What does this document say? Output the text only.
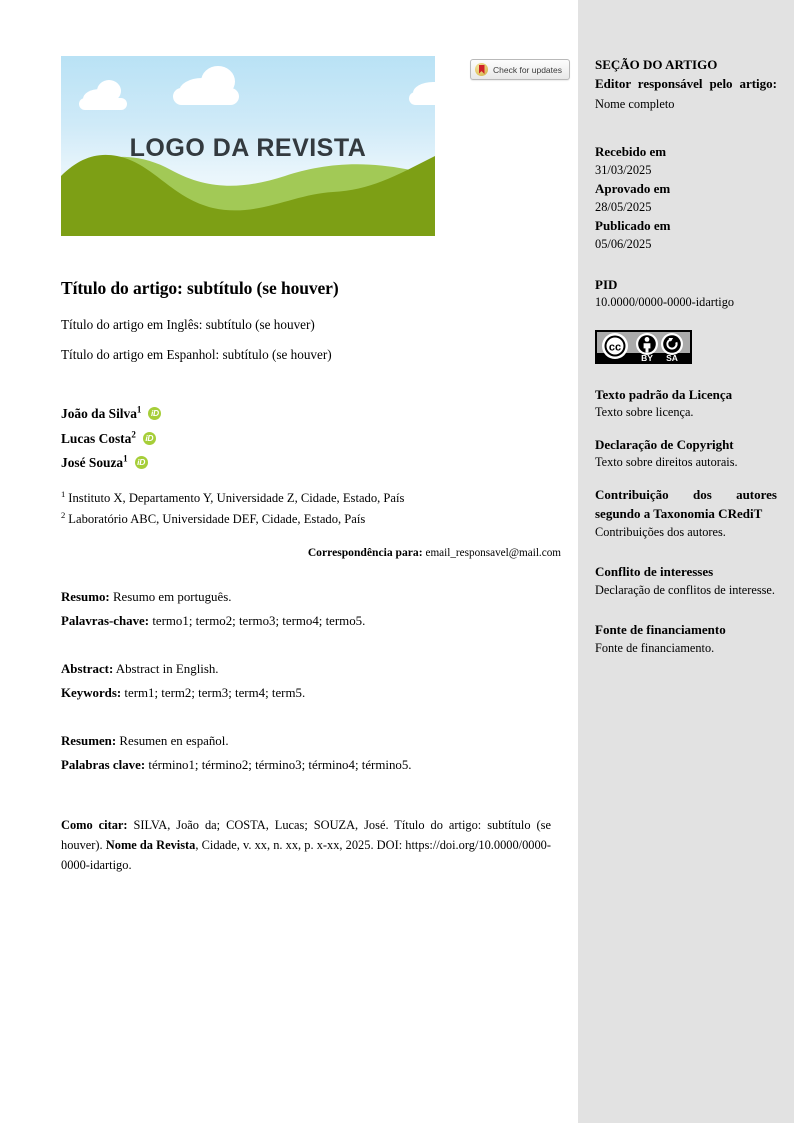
LOGO DA REVISTA
Check for updates
Título do artigo: subtítulo (se houver)
Título do artigo em Inglês: subtítulo (se houver)
Título do artigo em Espanhol: subtítulo (se houver)
João da Silva$^1$ iD
Lucas Costa$^2$ iD
José Souza$^1$ iD
$^1$ Instituto X, Departamento Y, Universidade Z, Cidade, Estado, País
$^2$ Laboratório ABC, Universidade DEF, Cidade, Estado, País
Correspondência para: email_responsavel@mail.com
Resumo: Resumo em português.
Palavras-chave: termo1; termo2; termo3; termo4; termo5.
Abstract: Abstract in English.
Keywords: term1; term2; term3; term4; term5.
Resumen: Resumen en español.
Palabras clave: término1; término2; término3; término4; término5.
Como citar: SILVA, João da; COSTA, Lucas; SOUZA, José. Título do artigo: subtítulo (se houver). Nome da Revista, Cidade, v. xx, n. xx, p. x-xx, 2025. DOI: https://doi.org/10.0000/0000-0000-idartigo.
SEÇÃO DO ARTIGO
Editor responsável pelo artigo: Nome completo
Recebido em
31/03/2025
Aprovado em
28/05/2025
Publicado em
05/06/2025
PID
10.0000/0000-0000-idartigo
cc
BY SA
Texto padrão da Licença
Texto sobre licença.
Declaração de Copyright
Texto sobre direitos autorais.
Contribuição dos autores segundo a Taxonomia CRediT
Contribuições dos autores.
Conflito de interesses
Declaração de conflitos de interesse.
Fonte de financiamento
Fonte de financiamento.
